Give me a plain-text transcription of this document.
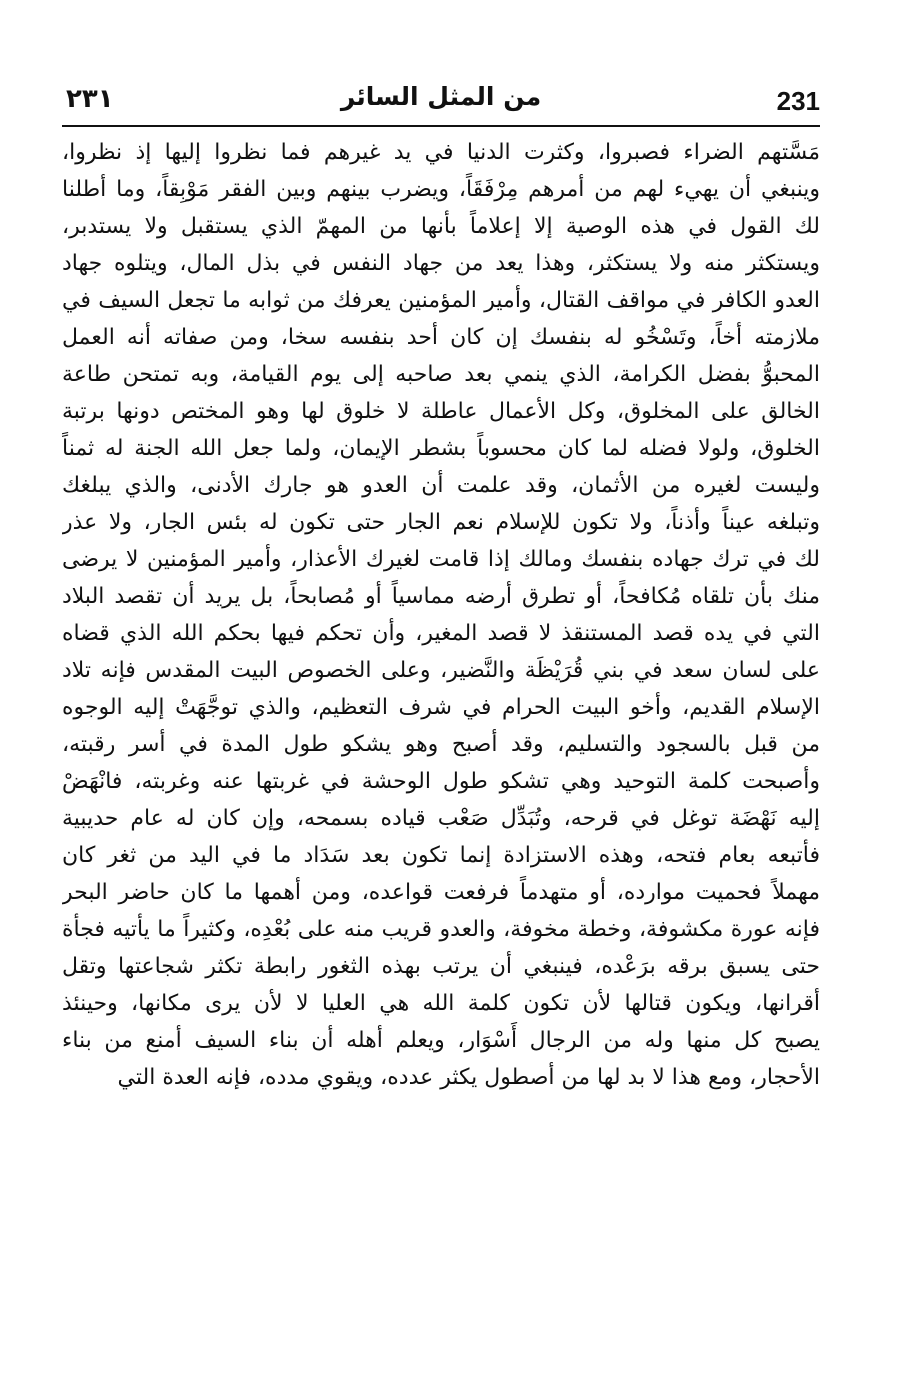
231
من المثل السائر
٢٣١
مَسَّتهم الضراء فصبروا، وكثرت الدنيا في يد غيرهم فما نظروا إليها إذ نظروا،
وينبغي أن يهيء لهم من أمرهم مِرْفَقَاً، ويضرب بينهم وبين الفقر مَوْبِقاً، وما أطلنا
لك القول في هذه الوصية إلا إعلاماً بأنها من المهمّ الذي يستقبل ولا يستدبر،
ويستكثر منه ولا يستكثر، وهذا يعد من جهاد النفس في بذل المال، ويتلوه جهاد
العدو الكافر في مواقف القتال، وأمير المؤمنين يعرفك من ثوابه ما تجعل السيف في
ملازمته أخاً، وتَسْخُو له بنفسك إن كان أحد بنفسه سخا، ومن صفاته أنه العمل
المحبوُّ بفضل الكرامة، الذي ينمي بعد صاحبه إلى يوم القيامة، وبه تمتحن طاعة
الخالق على المخلوق، وكل الأعمال عاطلة لا خلوق لها وهو المختص دونها برتبة
الخلوق، ولولا فضله لما كان محسوباً بشطر الإيمان، ولما جعل الله الجنة له ثمناً
وليست لغيره من الأثمان، وقد علمت أن العدو هو جارك الأدنى، والذي يبلغك
وتبلغه عيناً وأذناً، ولا تكون للإسلام نعم الجار حتى تكون له بئس الجار، ولا عذر
لك في ترك جهاده بنفسك ومالك إذا قامت لغيرك الأعذار، وأمير المؤمنين لا يرضى
منك بأن تلقاه مُكافحاً، أو تطرق أرضه مماسياً أو مُصابحاً، بل يريد أن تقصد البلاد
التي في يده قصد المستنقذ لا قصد المغير، وأن تحكم فيها بحكم الله الذي قضاه
على لسان سعد في بني قُرَيْظَة والنَّضير، وعلى الخصوص البيت المقدس فإنه تلاد
الإسلام القديم، وأخو البيت الحرام في شرف التعظيم، والذي توجَّهَتْ إليه الوجوه
من قبل بالسجود والتسليم، وقد أصبح وهو يشكو طول المدة في أسر رقبته،
وأصبحت كلمة التوحيد وهي تشكو طول الوحشة في غربتها عنه وغربته، فانْهَضْ
إليه نَهْضَة توغل في قرحه، وتُبَدِّل صَعْب قياده بسمحه، وإن كان له عام حديبية
فأتبعه بعام فتحه، وهذه الاستزادة إنما تكون بعد سَدَاد ما في اليد من ثغر كان
مهملاً فحميت موارده، أو متهدماً فرفعت قواعده، ومن أهمها ما كان حاضر البحر
فإنه عورة مكشوفة، وخطة مخوفة، والعدو قريب منه على بُعْدِه، وكثيراً ما يأتيه فجأة
حتى يسبق برقه برَعْده، فينبغي أن يرتب بهذه الثغور رابطة تكثر شجاعتها وتقل
أقرانها، ويكون قتالها لأن تكون كلمة الله هي العليا لا لأن يرى مكانها، وحينئذ
يصبح كل منها وله من الرجال أَسْوَار، ويعلم أهله أن بناء السيف أمنع من بناء
الأحجار، ومع هذا لا بد لها من أصطول يكثر عدده، ويقوي مدده، فإنه العدة التي
